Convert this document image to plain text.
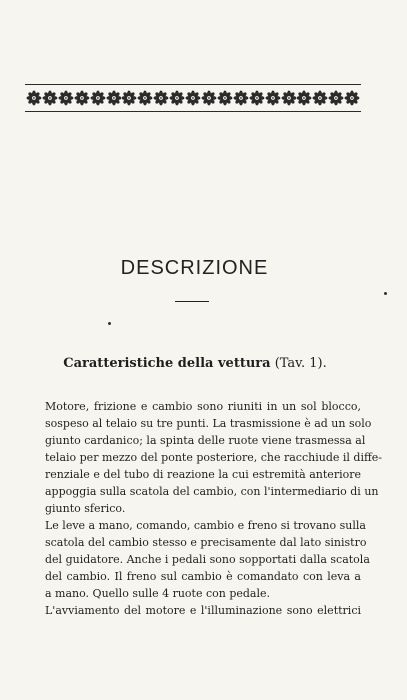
DESCRIZIONE
Caratteristiche della vettura (Tav. 1).

Motore, frizione e cambio sono riuniti in un sol blocco,
sospeso al telaio su tre punti. La trasmissione è ad un solo
giunto cardanico; la spinta delle ruote viene trasmessa al
telaio per mezzo del ponte posteriore, che racchiude il diffe-
renziale e del tubo di reazione la cui estremità anteriore
appoggia sulla scatola del cambio, con l'intermediario di un
giunto sferico.

Le leve a mano, comando, cambio e freno si trovano sulla
scatola del cambio stesso e precisamente dal lato sinistro
del guidatore. Anche i pedali sono sopportati dalla scatola
del cambio. Il freno sul cambio è comandato con leva a
a mano. Quello sulle 4 ruote con pedale.

L'avviamento del motore e l'illuminazione sono elettrici
